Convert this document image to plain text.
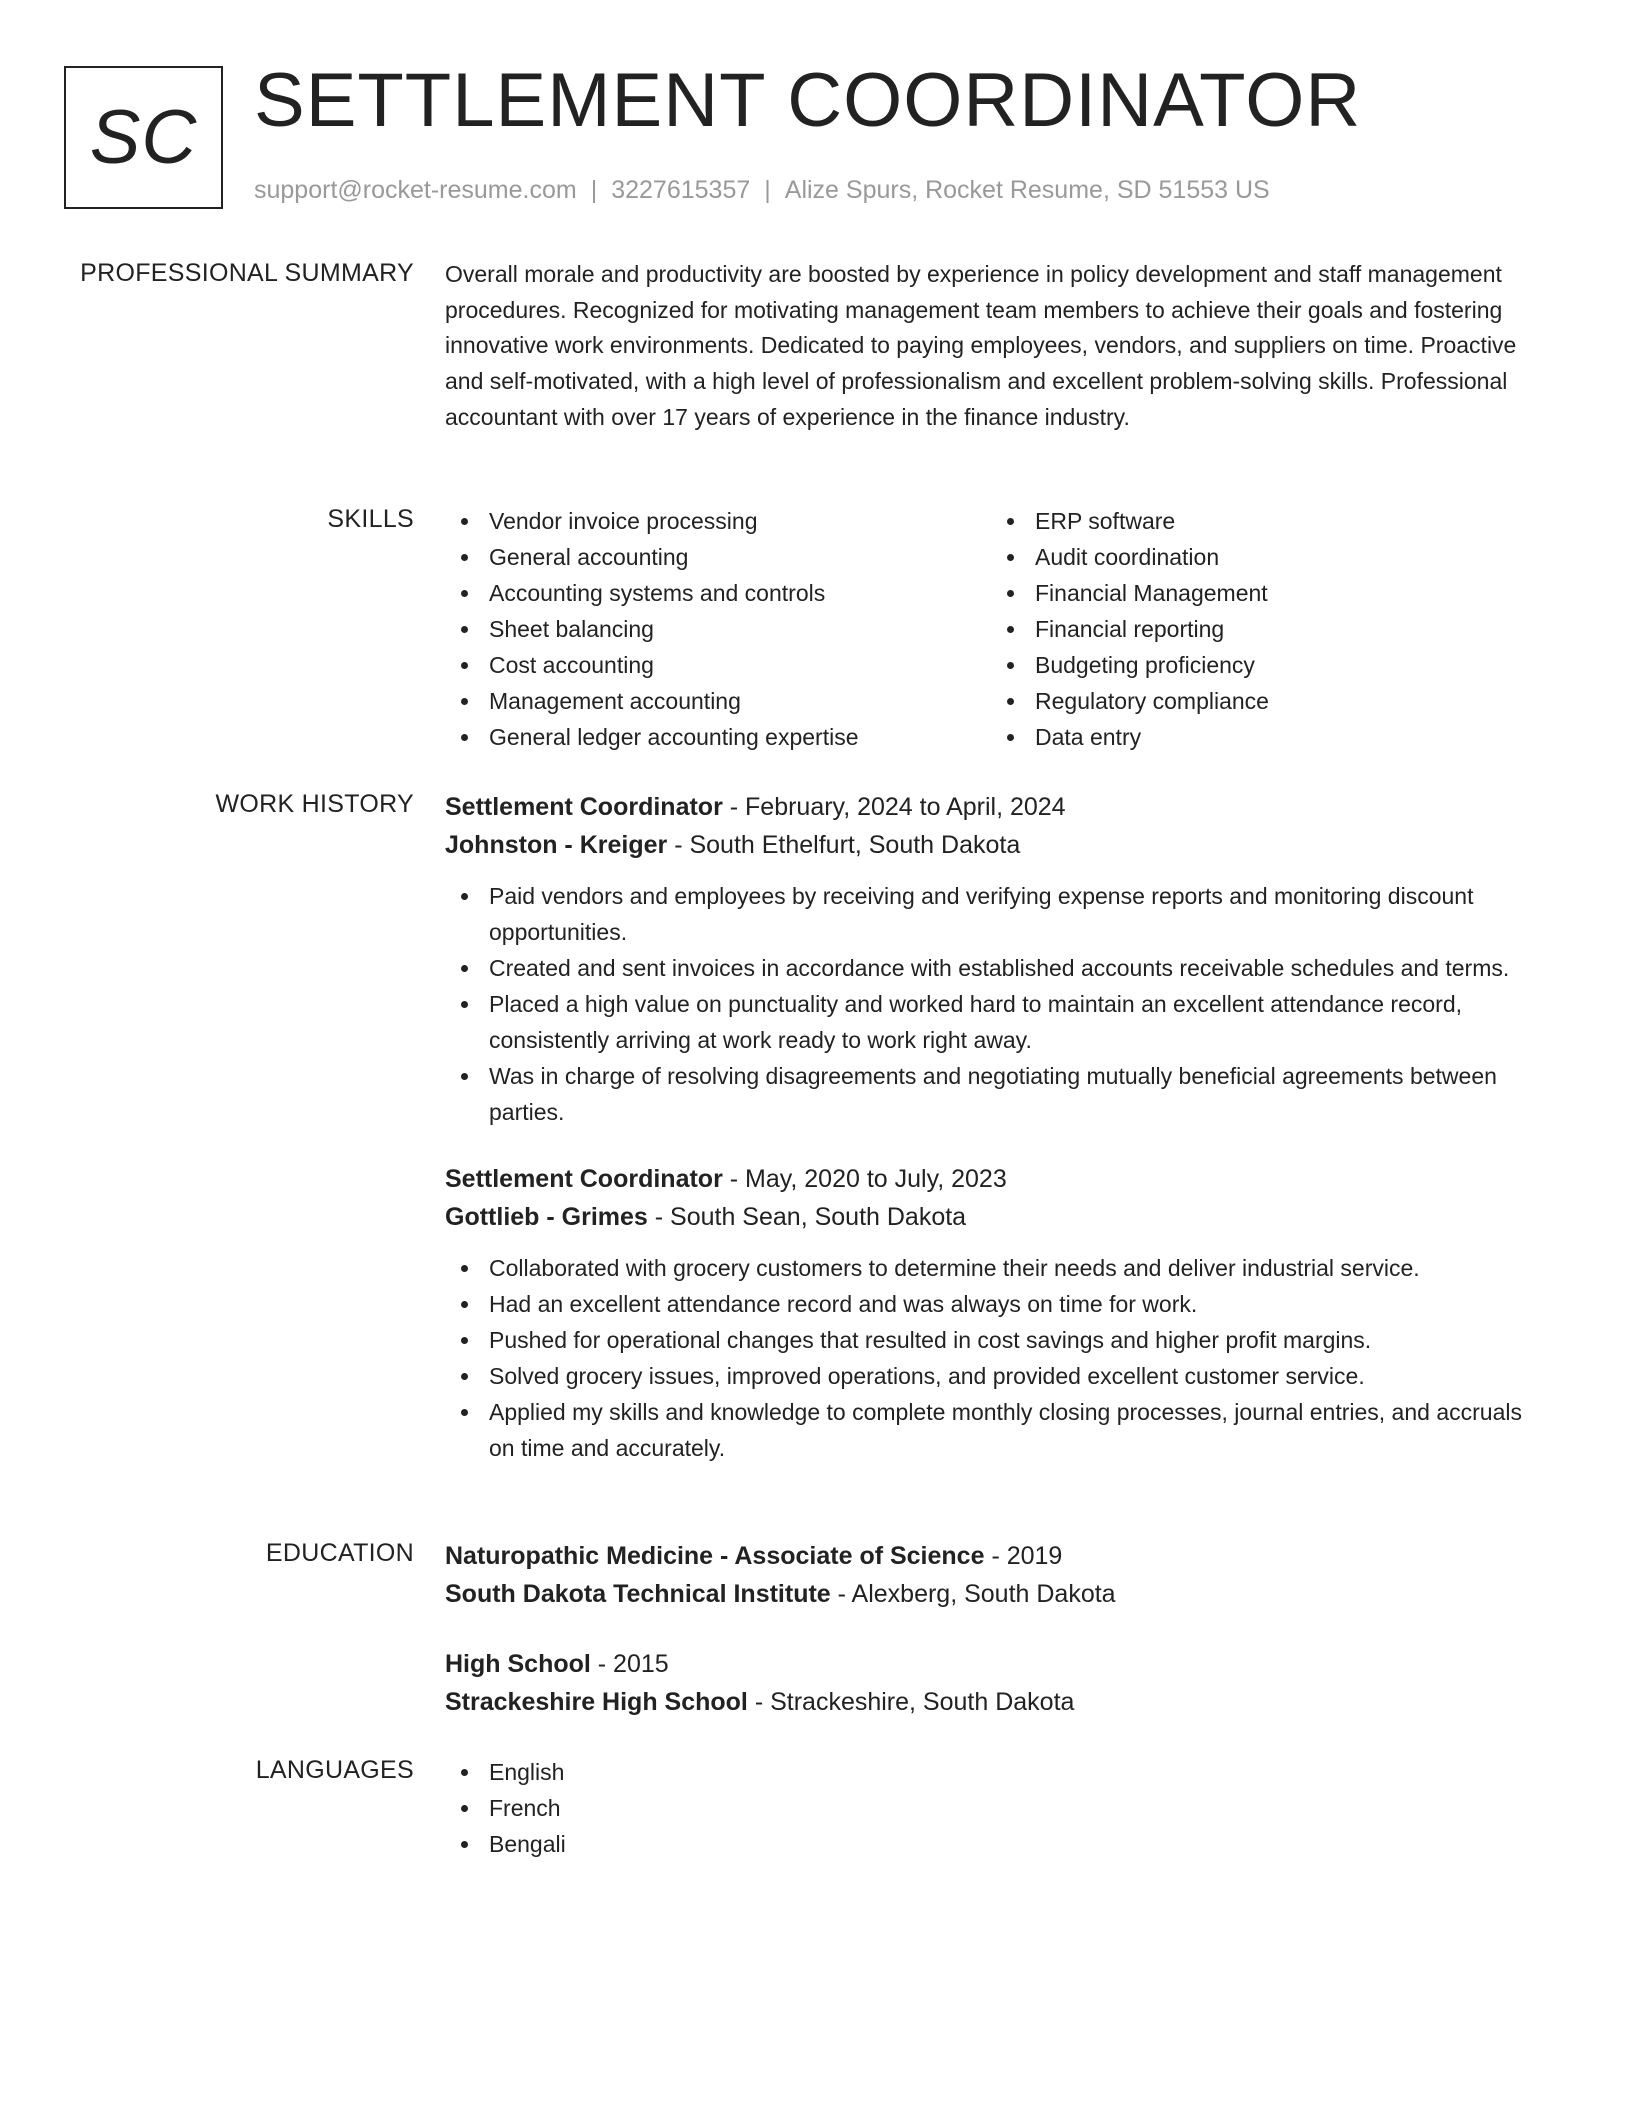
SC SETTLEMENT COORDINATOR
support@rocket-resume.com | 3227615357 | Alize Spurs, Rocket Resume, SD 51553 US
PROFESSIONAL SUMMARY Overall morale and productivity are boosted by experience in policy development and staff management procedures. Recognized for motivating management team members to achieve their goals and fostering innovative work environments. Dedicated to paying employees, vendors, and suppliers on time. Proactive and self-motivated, with a high level of professionalism and excellent problem-solving skills. Professional accountant with over 17 years of experience in the finance industry.

SKILLS	Vendor invoice processing
General accounting
Accounting systems and controls
Sheet balancing
Cost accounting
Management accounting
General ledger accounting expertise
ERP software
Audit coordination
Financial Management
Financial reporting
Budgeting proficiency
Regulatory compliance
Data entry
WORK HISTORY Settlement Coordinator - February, 2024 to April, 2024
Johnston - Kreiger - South Ethelfurt, South Dakota
Paid vendors and employees by receiving and verifying expense reports and monitoring discount opportunities.
Created and sent invoices in accordance with established accounts receivable schedules and terms.
Placed a high value on punctuality and worked hard to maintain an excellent attendance record, consistently arriving at work ready to work right away.
Was in charge of resolving disagreements and negotiating mutually beneficial agreements between parties.
Settlement Coordinator - May, 2020 to July, 2023
Gottlieb - Grimes - South Sean, South Dakota
Collaborated with grocery customers to determine their needs and deliver industrial service.
Had an excellent attendance record and was always on time for work.
Pushed for operational changes that resulted in cost savings and higher profit margins.
Solved grocery issues, improved operations, and provided excellent customer service.
Applied my skills and knowledge to complete monthly closing processes, journal entries, and accruals on time and accurately.
EDUCATION Naturopathic Medicine - Associate of Science - 2019
South Dakota Technical Institute - Alexberg, South Dakota
High School - 2015
Strackeshire High School - Strackeshire, South Dakota
LANGUAGES	English
French
Bengali
